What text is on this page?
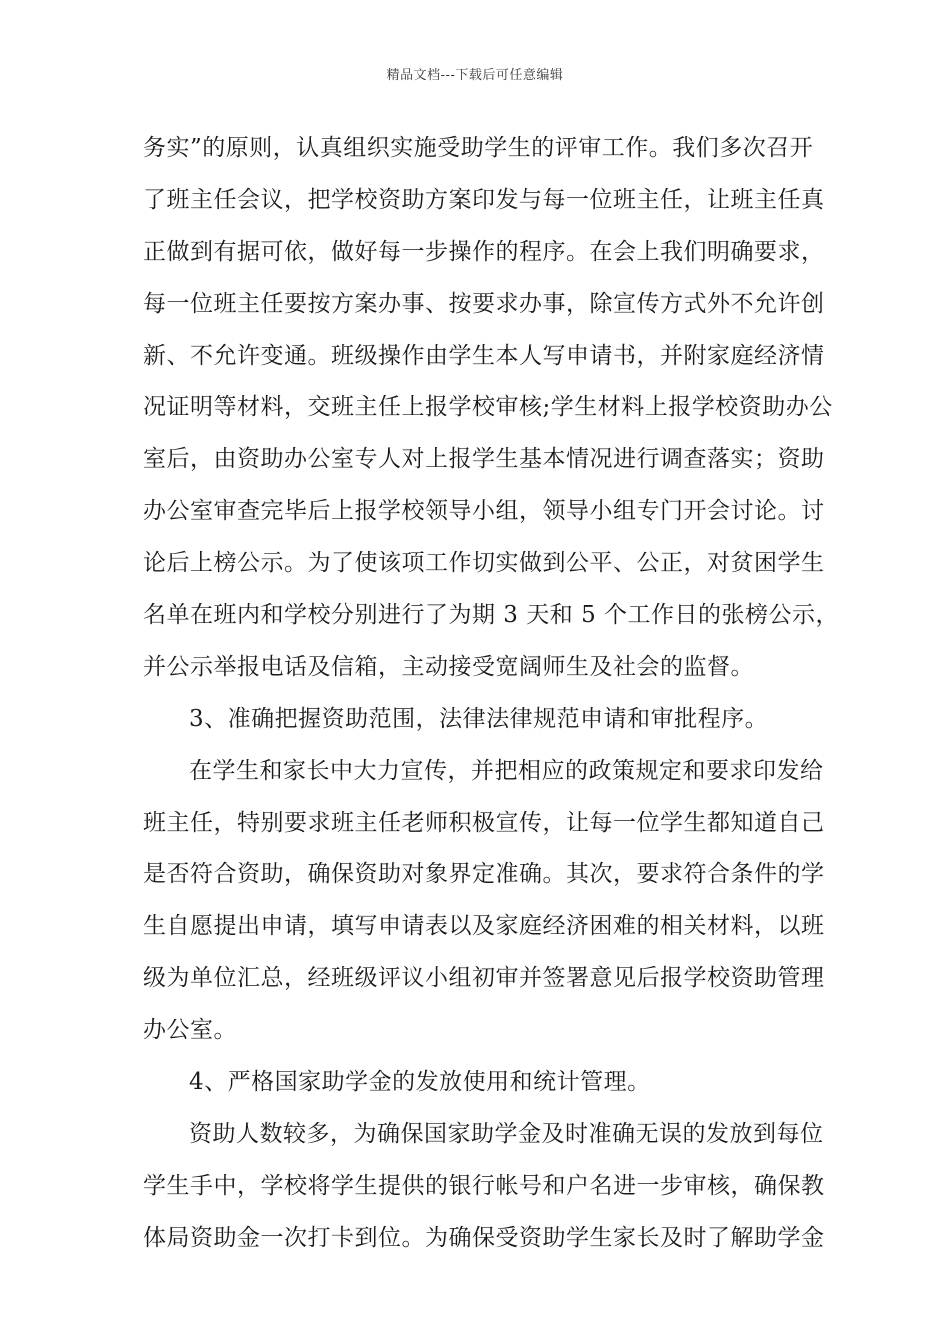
精品文档---下载后可任意编辑
务实”的原则，认真组织实施受助学生的评审工作。我们多次召开
了班主任会议，把学校资助方案印发与每一位班主任，让班主任真
正做到有据可依，做好每一步操作的程序。在会上我们明确要求，
每一位班主任要按方案办事、按要求办事，除宣传方式外不允许创
新、不允许变通。班级操作由学生本人写申请书，并附家庭经济情
况证明等材料，交班主任上报学校审核;学生材料上报学校资助办公
室后，由资助办公室专人对上报学生基本情况进行调查落实；资助
办公室审查完毕后上报学校领导小组，领导小组专门开会讨论。讨
论后上榜公示。为了使该项工作切实做到公平、公正，对贫困学生
名单在班内和学校分别进行了为期 3 天和 5 个工作日的张榜公示，
并公示举报电话及信箱，主动接受宽阔师生及社会的监督。
3、准确把握资助范围，法律法律规范申请和审批程序。
在学生和家长中大力宣传，并把相应的政策规定和要求印发给
班主任，特别要求班主任老师积极宣传，让每一位学生都知道自己
是否符合资助，确保资助对象界定准确。其次，要求符合条件的学
生自愿提出申请，填写申请表以及家庭经济困难的相关材料，以班
级为单位汇总，经班级评议小组初审并签署意见后报学校资助管理
办公室。
4、严格国家助学金的发放使用和统计管理。
资助人数较多，为确保国家助学金及时准确无误的发放到每位
学生手中，学校将学生提供的银行帐号和户名进一步审核，确保教
体局资助金一次打卡到位。为确保受资助学生家长及时了解助学金
